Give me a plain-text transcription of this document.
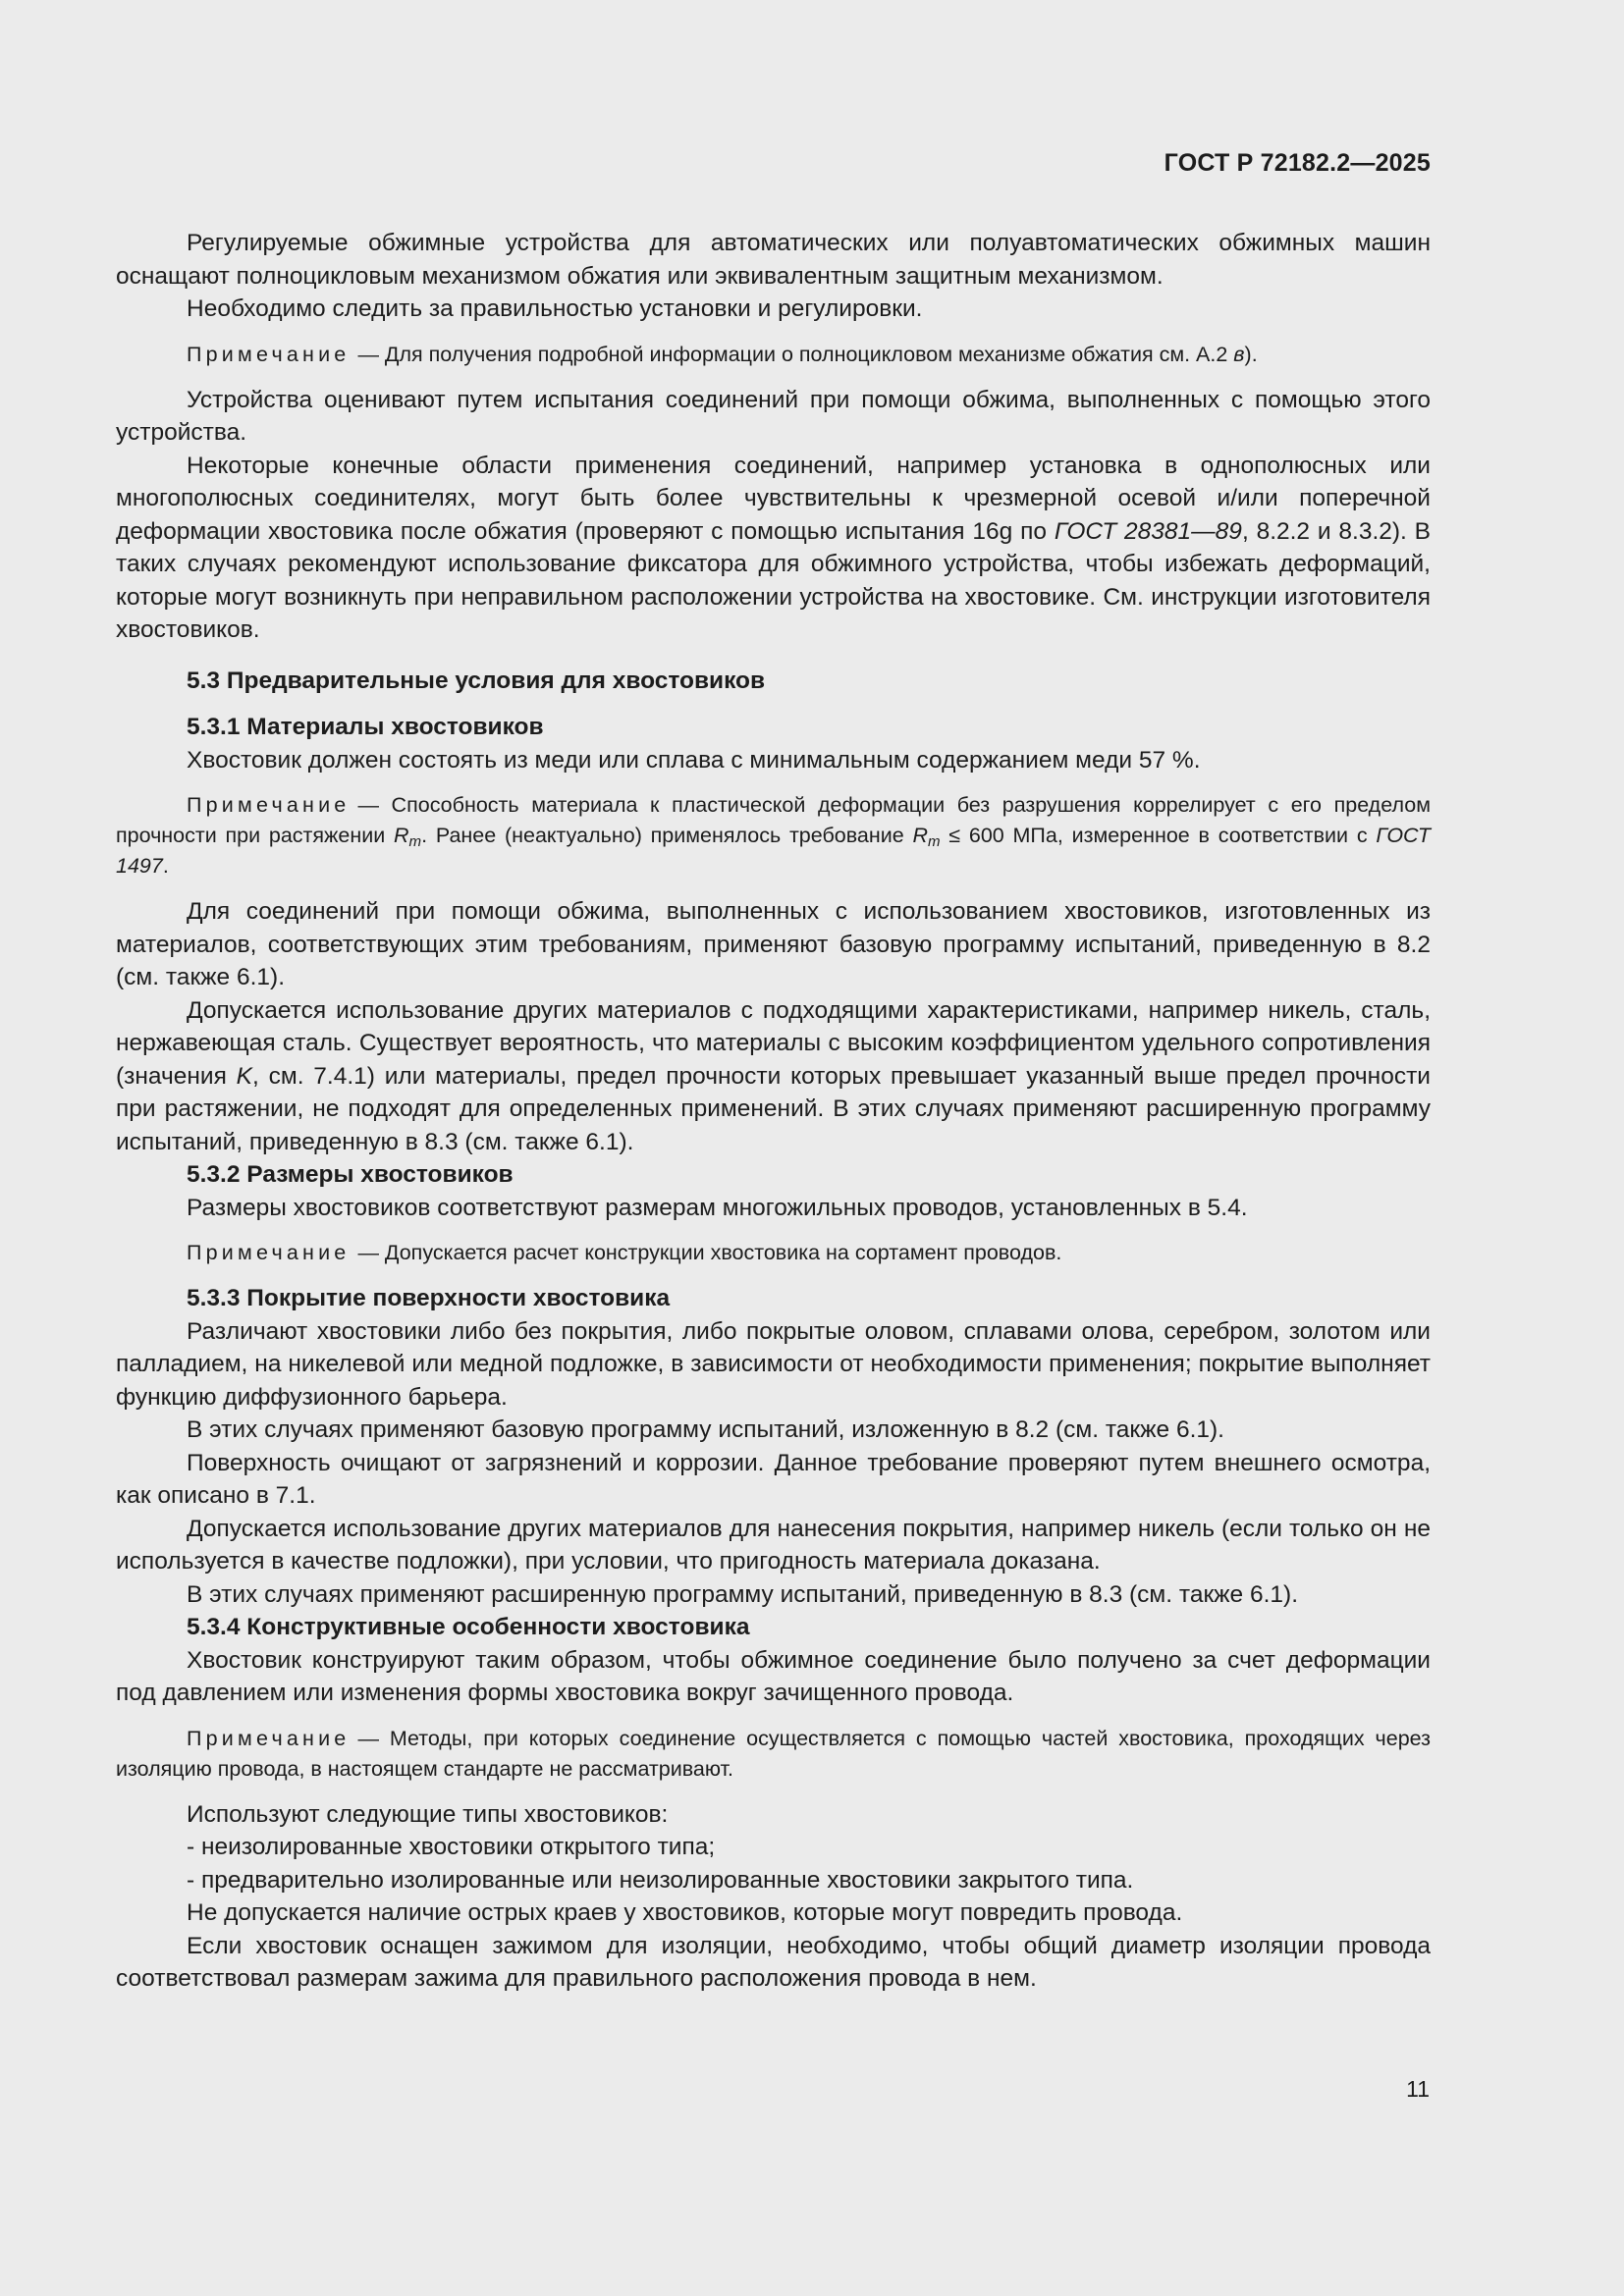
ГОСТ Р 72182.2—2025

Регулируемые обжимные устройства для автоматических или полуавтоматических обжимных машин оснащают полноцикловым механизмом обжатия или эквивалентным защитным механизмом.

Необходимо следить за правильностью установки и регулировки.

Примечание — Для получения подробной информации о полноцикловом механизме обжатия см. А.2 в).

Устройства оценивают путем испытания соединений при помощи обжима, выполненных с помощью этого устройства.

Некоторые конечные области применения соединений, например установка в однополюсных или многополюсных соединителях, могут быть более чувствительны к чрезмерной осевой и/или поперечной деформации хвостовика после обжатия (проверяют с помощью испытания 16g по ГОСТ 28381—89, 8.2.2 и 8.3.2). В таких случаях рекомендуют использование фиксатора для обжимного устройства, чтобы избежать деформаций, которые могут возникнуть при неправильном расположении устройства на хвостовике. См. инструкции изготовителя хвостовиков.

5.3 Предварительные условия для хвостовиков

5.3.1 Материалы хвостовиков

Хвостовик должен состоять из меди или сплава с минимальным содержанием меди 57 %.

Примечание — Способность материала к пластической деформации без разрушения коррелирует с его пределом прочности при растяжении $R_m$. Ранее (неактуально) применялось требование $R_m \le 600$ МПа, измеренное в соответствии с ГОСТ 1497.

Для соединений при помощи обжима, выполненных с использованием хвостовиков, изготовленных из материалов, соответствующих этим требованиям, применяют базовую программу испытаний, приведенную в 8.2 (см. также 6.1).

Допускается использование других материалов с подходящими характеристиками, например никель, сталь, нержавеющая сталь. Существует вероятность, что материалы с высоким коэффициентом удельного сопротивления (значения K, см. 7.4.1) или материалы, предел прочности которых превышает указанный выше предел прочности при растяжении, не подходят для определенных применений. В этих случаях применяют расширенную программу испытаний, приведенную в 8.3 (см. также 6.1).

5.3.2 Размеры хвостовиков

Размеры хвостовиков соответствуют размерам многожильных проводов, установленных в 5.4.

Примечание — Допускается расчет конструкции хвостовика на сортамент проводов.

5.3.3 Покрытие поверхности хвостовика

Различают хвостовики либо без покрытия, либо покрытые оловом, сплавами олова, серебром, золотом или палладием, на никелевой или медной подложке, в зависимости от необходимости применения; покрытие выполняет функцию диффузионного барьера.

В этих случаях применяют базовую программу испытаний, изложенную в 8.2 (см. также 6.1).

Поверхность очищают от загрязнений и коррозии. Данное требование проверяют путем внешнего осмотра, как описано в 7.1.

Допускается использование других материалов для нанесения покрытия, например никель (если только он не используется в качестве подложки), при условии, что пригодность материала доказана.

В этих случаях применяют расширенную программу испытаний, приведенную в 8.3 (см. также 6.1).

5.3.4 Конструктивные особенности хвостовика

Хвостовик конструируют таким образом, чтобы обжимное соединение было получено за счет деформации под давлением или изменения формы хвостовика вокруг зачищенного провода.

Примечание — Методы, при которых соединение осуществляется с помощью частей хвостовика, проходящих через изоляцию провода, в настоящем стандарте не рассматривают.

Используют следующие типы хвостовиков:

- неизолированные хвостовики открытого типа;

- предварительно изолированные или неизолированные хвостовики закрытого типа.

Не допускается наличие острых краев у хвостовиков, которые могут повредить провода.

Если хвостовик оснащен зажимом для изоляции, необходимо, чтобы общий диаметр изоляции провода соответствовал размерам зажима для правильного расположения провода в нем.

11
